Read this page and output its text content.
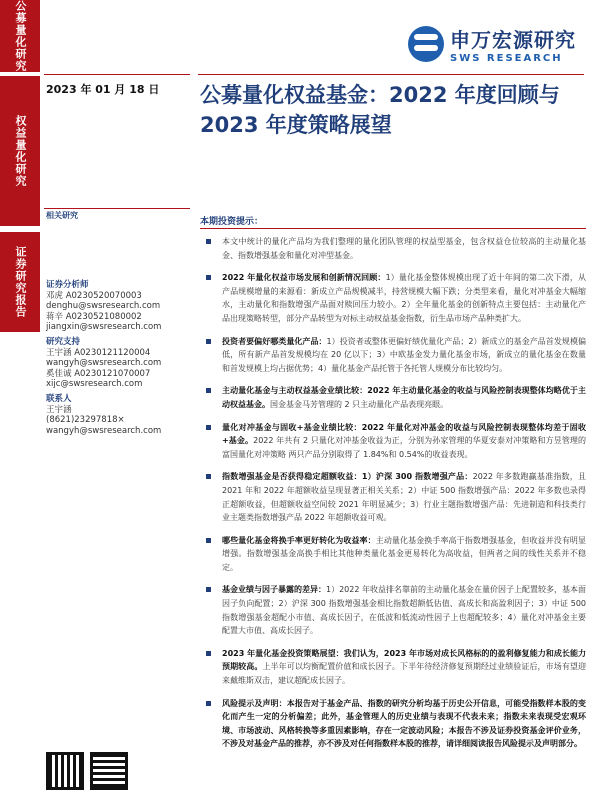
公募量化研究
权益量化研究
证券研究报告
申万宏源研究
SWS RESEARCH
2023 年 01 月 18 日 公募量化权益基金：2022 年度回顾与 2023 年度策略展望
相关研究
证券分析师
邓虎 A0230520070003
denghu@swsresearch.com
蒋辛 A0230521080002
jiangxin@swsresearch.com
研究支持
王宇涵 A0230121120004
wangyh@swsresearch.com
奚佳诚 A0230121070007
xijc@swsresearch.com
联系人
王宇涵
(8621)23297818×
wangyh@swsresearch.com
本期投资提示：
本文中统计的量化产品均为我们整理的量化团队管理的权益型基金，包含权益仓位较高的主动量化基金、指数增强基金和量化对冲型基金。
2022 年量化权益市场发展和创新情况回顾：1）量化基金整体规模出现了近十年间的第二次下滑，从产品规模增量的来源看：新成立产品规模减半，持营规模大幅下跌；分类型来看，量化对冲基金大幅缩水，主动量化和指数增强产品面对赎回压力较小。2）全年量化基金的创新特点主要包括：主动量化产品出现策略转型，部分产品转型为对标主动权益基金指数，衍生品市场产品种类扩大。
投资者要偏好哪类量化产品：1）投资者或整体更偏好绩优量化产品；2）新成立的基金产品首发规模偏低，所有新产品首发规模均在 20 亿以下；3）中欧基金发力量化基金市场，新成立的量化基金在数量和首发规模上均占据优势；4）量化基金产品托管于各托管人规模分布比较均匀。
主动量化基金与主动权益基金业绩比较：2022 年主动量化基金的收益与风险控制表现整体均略优于主动权益基金。国金基金马芳管理的 2 只主动量化产品表现亮眼。
量化对冲基金与固收+基金业绩比较：2022 年量化对冲基金的收益与风险控制表现整体均差于固收+基金。2022 年共有 2 只量化对冲基金收益为正，分别为孙家管理的华夏安泰对冲策略和方昱管理的富国量化对冲策略 两只产品分别取得了 1.84%和 0.54%的收益表现。
指数增强基金是否获得稳定超额收益：1）沪深 300 指数增强产品：2022 年多数跑赢基准指数，且 2021 年和 2022 年超额收益呈现显著正相关关系；2）中证 500 指数增强产品：2022 年多数也录得正超额收益，但超额收益空间较 2021 年明显减少；3）行业主题指数增强产品：先进制造和科技类行业主题类指数增强产品 2022 年超额收益可观。
哪些量化基金将换手率更好转化为收益率：主动量化基金换手率高于指数增强基金，但收益并没有明显增强。指数增强基金高换手相比其他种类量化基金更易转化为高收益，但两者之间的线性关系并不稳定。
基金业绩与因子暴露的差异：1）2022 年收益排名靠前的主动量化基金在量价因子上配置较多，基本面因子负向配置；2）沪深 300 指数增强基金相比指数超额低估值、高成长和高盈利因子；3）中证 500 指数增强基金超配小市值、高成长因子，在低波和低流动性因子上也超配较多；4）量化对冲基金主要配置大市值、高成长因子。
2023 年量化基金投资策略展望：我们认为，2023 年市场对成长风格标的的盈利修复能力和成长能力预期较高。上半年可以均衡配置价值和成长因子。下半年待经济修复预期经过业绩验证后，市场有望迎来戴维斯双击，建议超配成长因子。
风险提示及声明：本报告对于基金产品、指数的研究分析均基于历史公开信息，可能受指数样本股的变化而产生一定的分析偏差；此外，基金管理人的历史业绩与表现不代表未来；指数未来表现受宏观环境、市场波动、风格转换等多重因素影响，存在一定波动风险；本报告不涉及证券投资基金评价业务，不涉及对基金产品的推荐，亦不涉及对任何指数样本股的推荐，请详细阅读报告风险提示及声明部分。
